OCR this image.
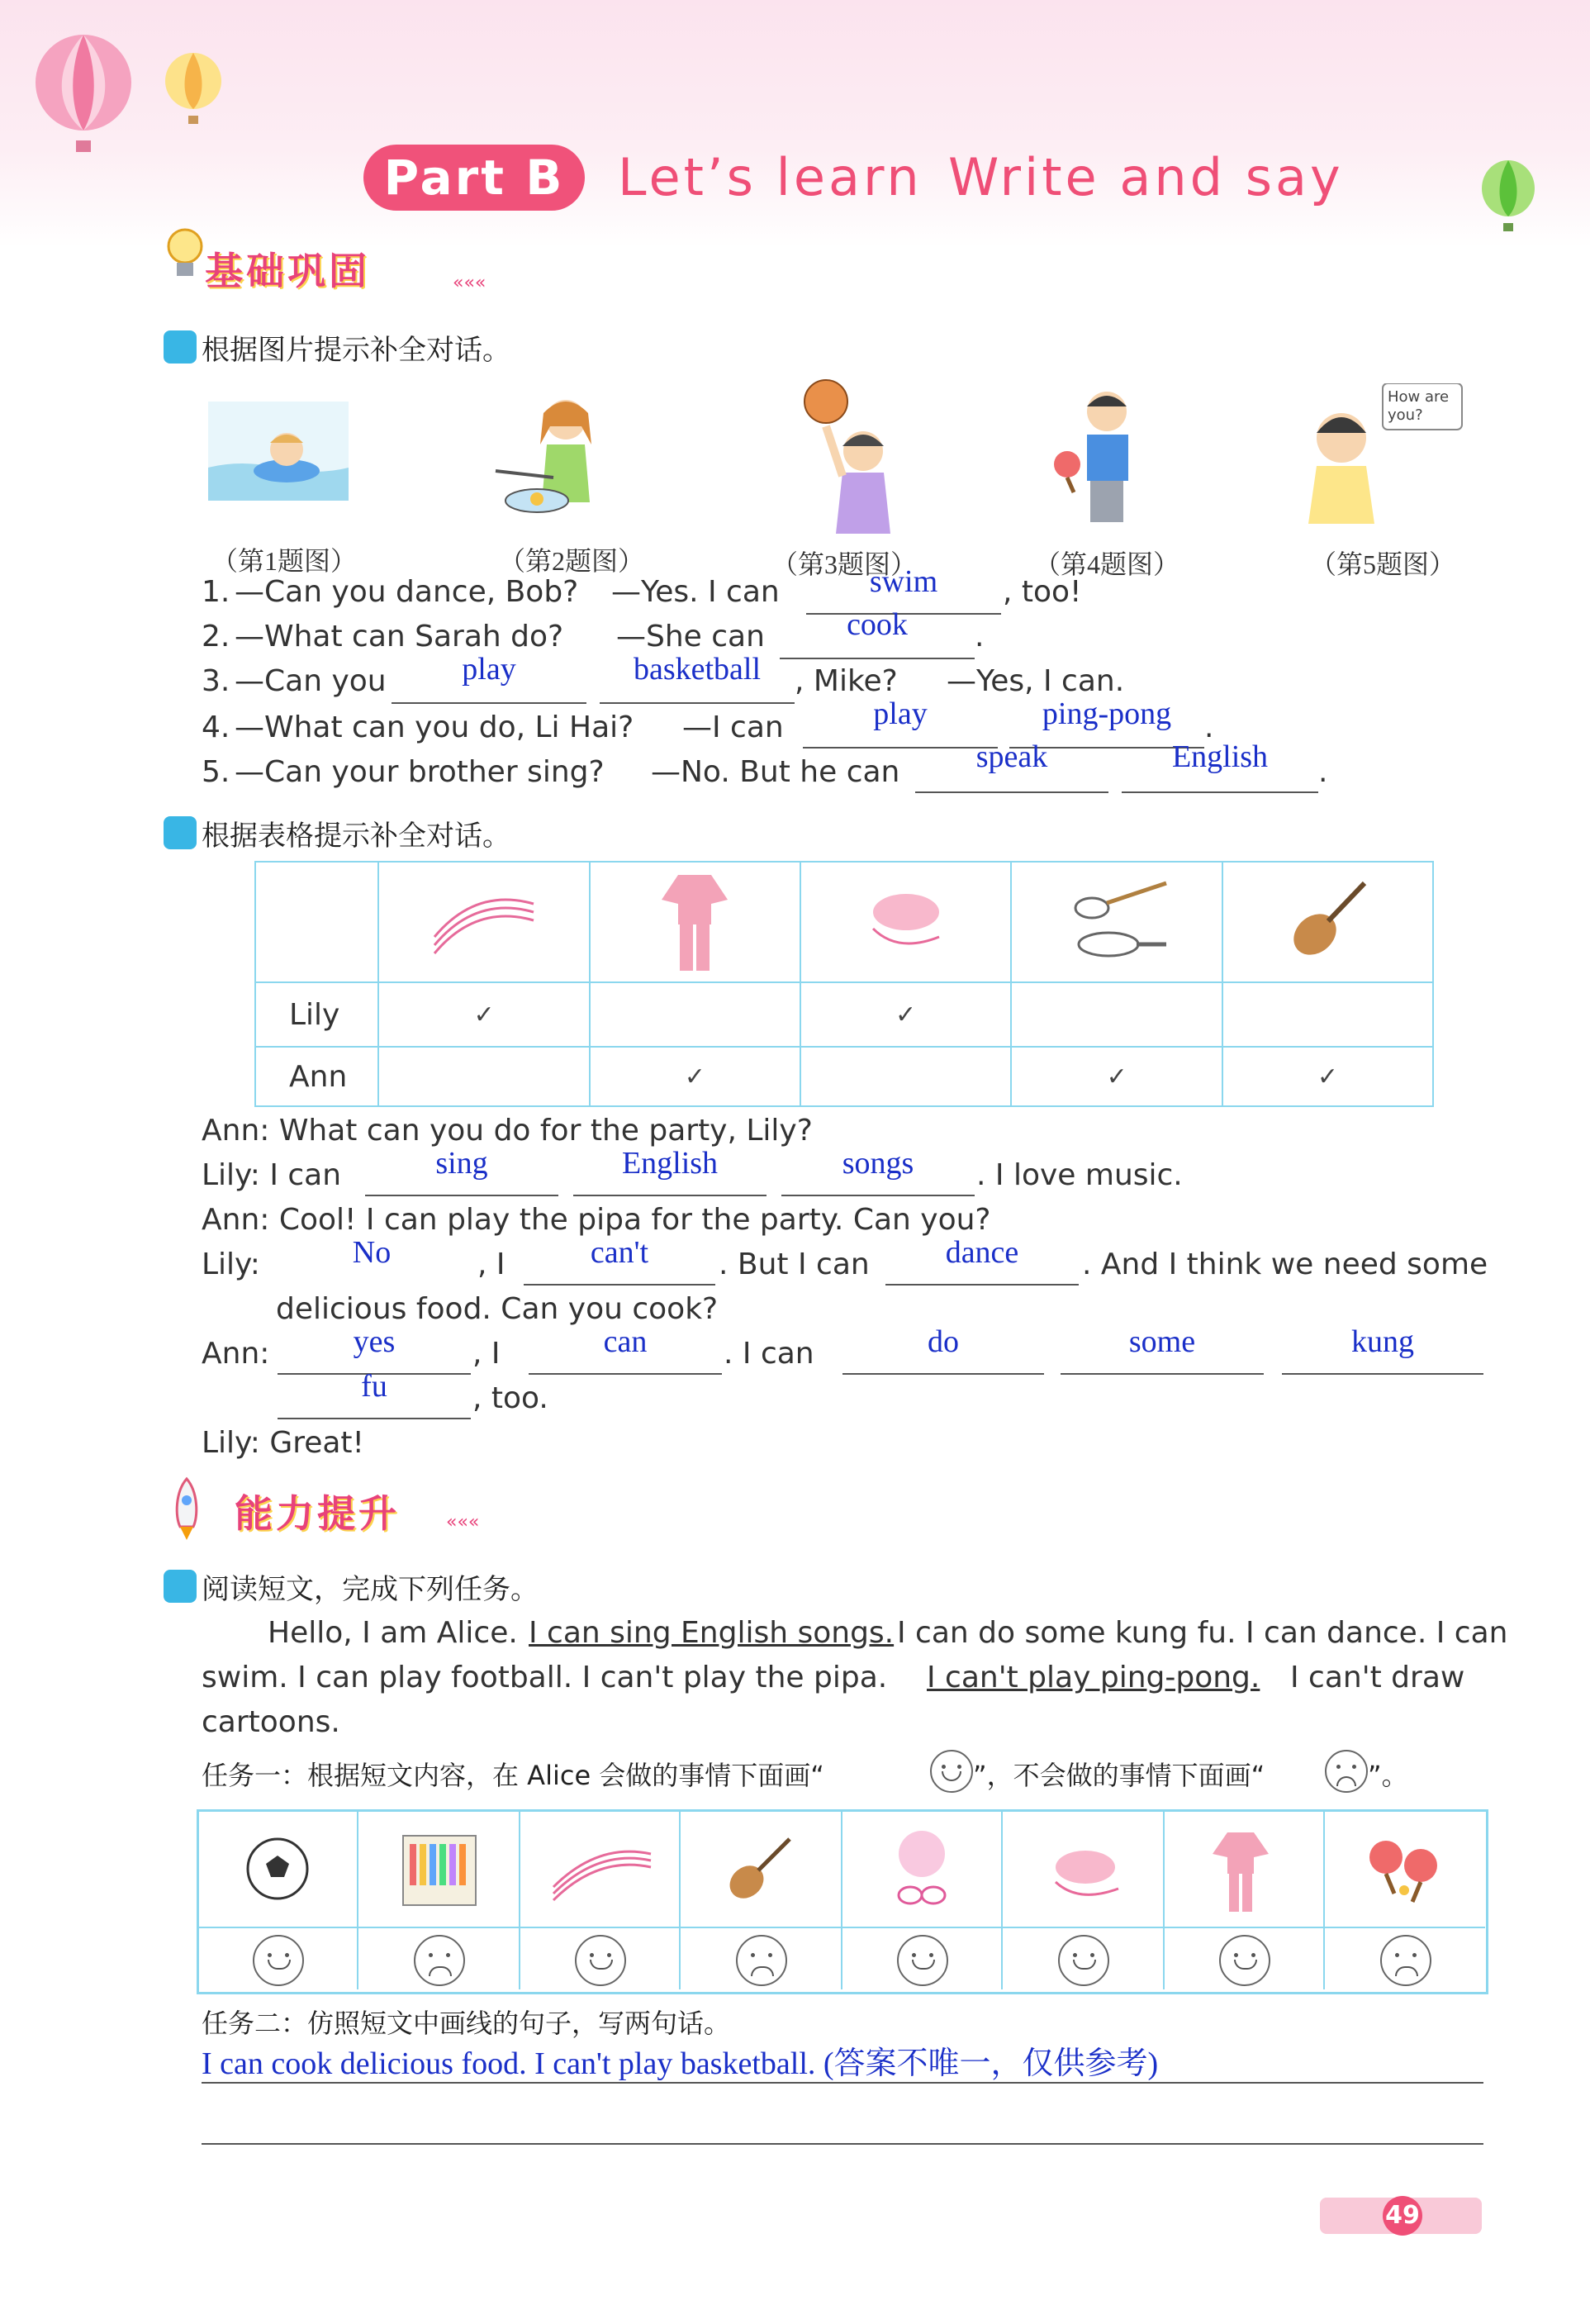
Part B	Let’s learn Write and say
基础巩固	«««
根据图片提示补全对话。
How are you?
（第1题图）	（第2题图）	（第3题图）	（第4题图）	（第5题图）
1. —Can you dance, Bob? —Yes. I can	swim	, too!
2. —What can Sarah do? —She can	cook	.
3. —Can you	play	basketball	, Mike? —Yes, I can.
4. —What can you do, Li Hai? —I can	play	ping-pong	.
5. —Can your brother sing? —No. But he can	speak	English	.
根据表格提示补全对话。

Lily	✓		✓		
Ann		✓		✓	✓
Ann: What can you do for the party, Lily?
Lily: I can	sing	English	songs	. I love music.
Ann: Cool! I can play the pipa for the party. Can you?
Lily:	No	, I	can't	. But I can	dance	. And I think we need some
delicious food. Can you cook?
Ann:	yes	, I	can	. I can	do	some	kung
fu	, too.
Lily: Great!
能力提升	«««
阅读短文，完成下列任务。
Hello, I am Alice. I can sing English songs. I can do some kung fu. I can dance. I can
swim. I can play football. I can't play the pipa. I can't play ping-pong. I can't draw
cartoons.
任务一：根据短文内容，在 Alice 会做的事情下面画“	”，不会做的事情下面画“	”。
任务二：仿照短文中画线的句子，写两句话。
I can cook delicious food. I can't play basketball. (答案不唯一，仅供参考)
49
